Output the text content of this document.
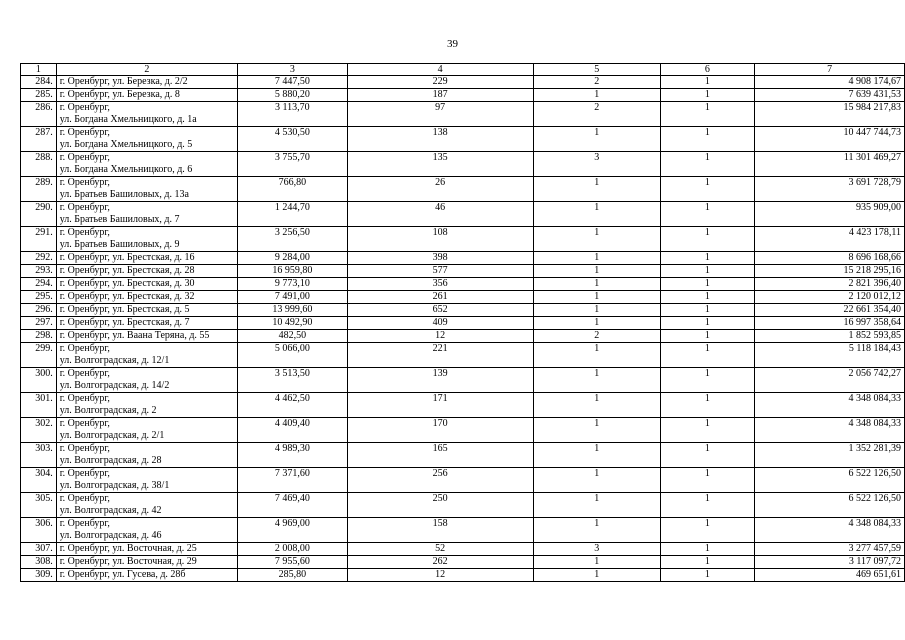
39
1	2	3	4	5	6	7
284.	г. Оренбург, ул. Березка, д. 2/2	7 447,50	229	2	1	4 908 174,67
285.	г. Оренбург, ул. Березка, д. 8	5 880,20	187	1	1	7 639 431,53
286.	г. Оренбург,
ул. Богдана Хмельницкого, д. 1а	3 113,70	97	2	1	15 984 217,83
287.	г. Оренбург,
ул. Богдана Хмельницкого, д. 5	4 530,50	138	1	1	10 447 744,73
288.	г. Оренбург,
ул. Богдана Хмельницкого, д. 6	3 755,70	135	3	1	11 301 469,27
289.	г. Оренбург,
ул. Братьев Башиловых, д. 13а	766,80	26	1	1	3 691 728,79
290.	г. Оренбург,
ул. Братьев Башиловых, д. 7	1 244,70	46	1	1	935 909,00
291.	г. Оренбург,
ул. Братьев Башиловых, д. 9	3 256,50	108	1	1	4 423 178,11
292.	г. Оренбург, ул. Брестская, д. 16	9 284,00	398	1	1	8 696 168,66
293.	г. Оренбург, ул. Брестская, д. 28	16 959,80	577	1	1	15 218 295,16
294.	г. Оренбург, ул. Брестская, д. 30	9 773,10	356	1	1	2 821 396,40
295.	г. Оренбург, ул. Брестская, д. 32	7 491,00	261	1	1	2 120 012,12
296.	г. Оренбург, ул. Брестская, д. 5	13 999,60	652	1	1	22 661 354,40
297.	г. Оренбург, ул. Брестская, д. 7	10 492,90	409	1	1	16 997 358,64
298.	г. Оренбург, ул. Ваана Теряна, д. 55	482,50	12	2	1	1 852 593,85
299.	г. Оренбург,
ул. Волгоградская, д. 12/1	5 066,00	221	1	1	5 118 184,43
300.	г. Оренбург,
ул. Волгоградская, д. 14/2	3 513,50	139	1	1	2 056 742,27
301.	г. Оренбург,
ул. Волгоградская, д. 2	4 462,50	171	1	1	4 348 084,33
302.	г. Оренбург,
ул. Волгоградская, д. 2/1	4 409,40	170	1	1	4 348 084,33
303.	г. Оренбург,
ул. Волгоградская, д. 28	4 989,30	165	1	1	1 352 281,39
304.	г. Оренбург,
ул. Волгоградская, д. 38/1	7 371,60	256	1	1	6 522 126,50
305.	г. Оренбург,
ул. Волгоградская, д. 42	7 469,40	250	1	1	6 522 126,50
306.	г. Оренбург,
ул. Волгоградская, д. 46	4 969,00	158	1	1	4 348 084,33
307.	г. Оренбург, ул. Восточная, д. 25	2 008,00	52	3	1	3 277 457,59
308.	г. Оренбург, ул. Восточная, д. 29	7 955,60	262	1	1	3 117 097,72
309.	г. Оренбург, ул. Гусева, д. 28б	285,80	12	1	1	469 651,61
